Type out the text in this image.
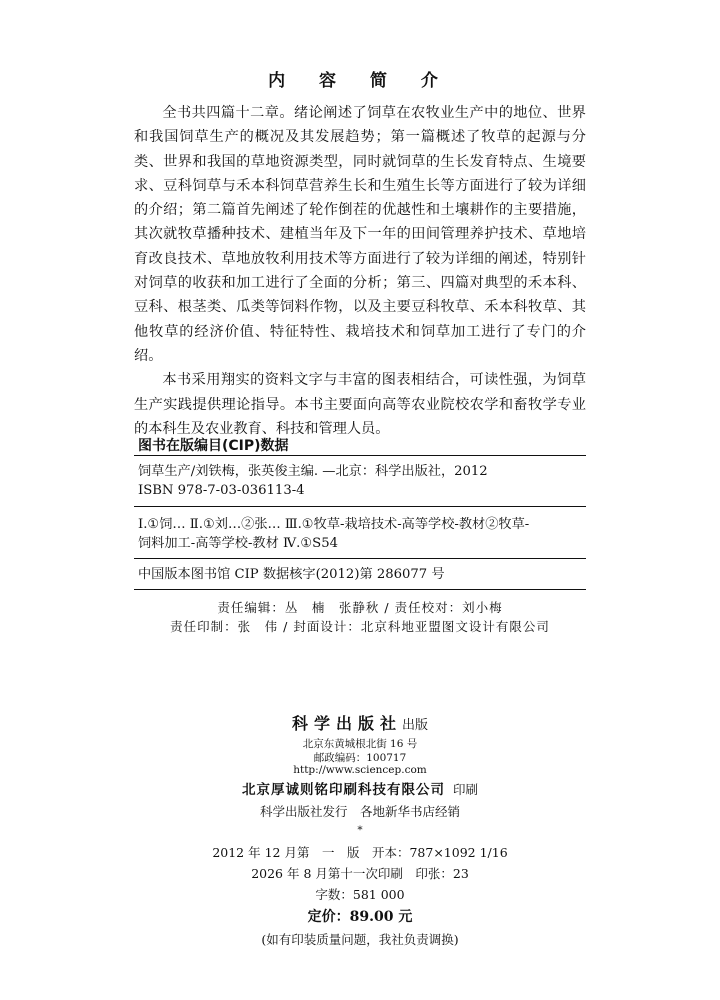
内 容 简 介

全书共四篇十二章。绪论阐述了饲草在农牧业生产中的地位、世界和我国饲草生产的概况及其发展趋势；第一篇概述了牧草的起源与分类、世界和我国的草地资源类型，同时就饲草的生长发育特点、生境要求、豆科饲草与禾本科饲草营养生长和生殖生长等方面进行了较为详细的介绍；第二篇首先阐述了轮作倒茬的优越性和土壤耕作的主要措施，其次就牧草播种技术、建植当年及下一年的田间管理养护技术、草地培育改良技术、草地放牧利用技术等方面进行了较为详细的阐述，特别针对饲草的收获和加工进行了全面的分析；第三、四篇对典型的禾本科、豆科、根茎类、瓜类等饲料作物，以及主要豆科牧草、禾本科牧草、其他牧草的经济价值、特征特性、栽培技术和饲草加工进行了专门的介绍。

本书采用翔实的资料文字与丰富的图表相结合，可读性强，为饲草生产实践提供理论指导。本书主要面向高等农业院校农学和畜牧学专业的本科生及农业教育、科技和管理人员。

图书在版编目(CIP)数据
饲草生产/刘铁梅，张英俊主编. —北京：科学出版社，2012
ISBN 978-7-03-036113-4
Ⅰ.①饲… Ⅱ.①刘…②张… Ⅲ.①牧草-栽培技术-高等学校-教材②牧草-
饲料加工-高等学校-教材 Ⅳ.①S54
中国版本图书馆 CIP 数据核字(2012)第 286077 号
责任编辑：丛　楠　张静秋 / 责任校对：刘小梅
责任印制：张　伟 / 封面设计：北京科地亚盟图文设计有限公司
科学出版社出版
北京东黄城根北街 16 号
邮政编码：100717
http://www.sciencep.com
北京厚诚则铭印刷科技有限公司 印刷
科学出版社发行　各地新华书店经销
*
2012 年 12 月第　一　版　开本：787×1092 1/16
2026 年 8 月第十一次印刷　印张：23
字数：581 000
定价：89.00 元
(如有印装质量问题，我社负责调换)
